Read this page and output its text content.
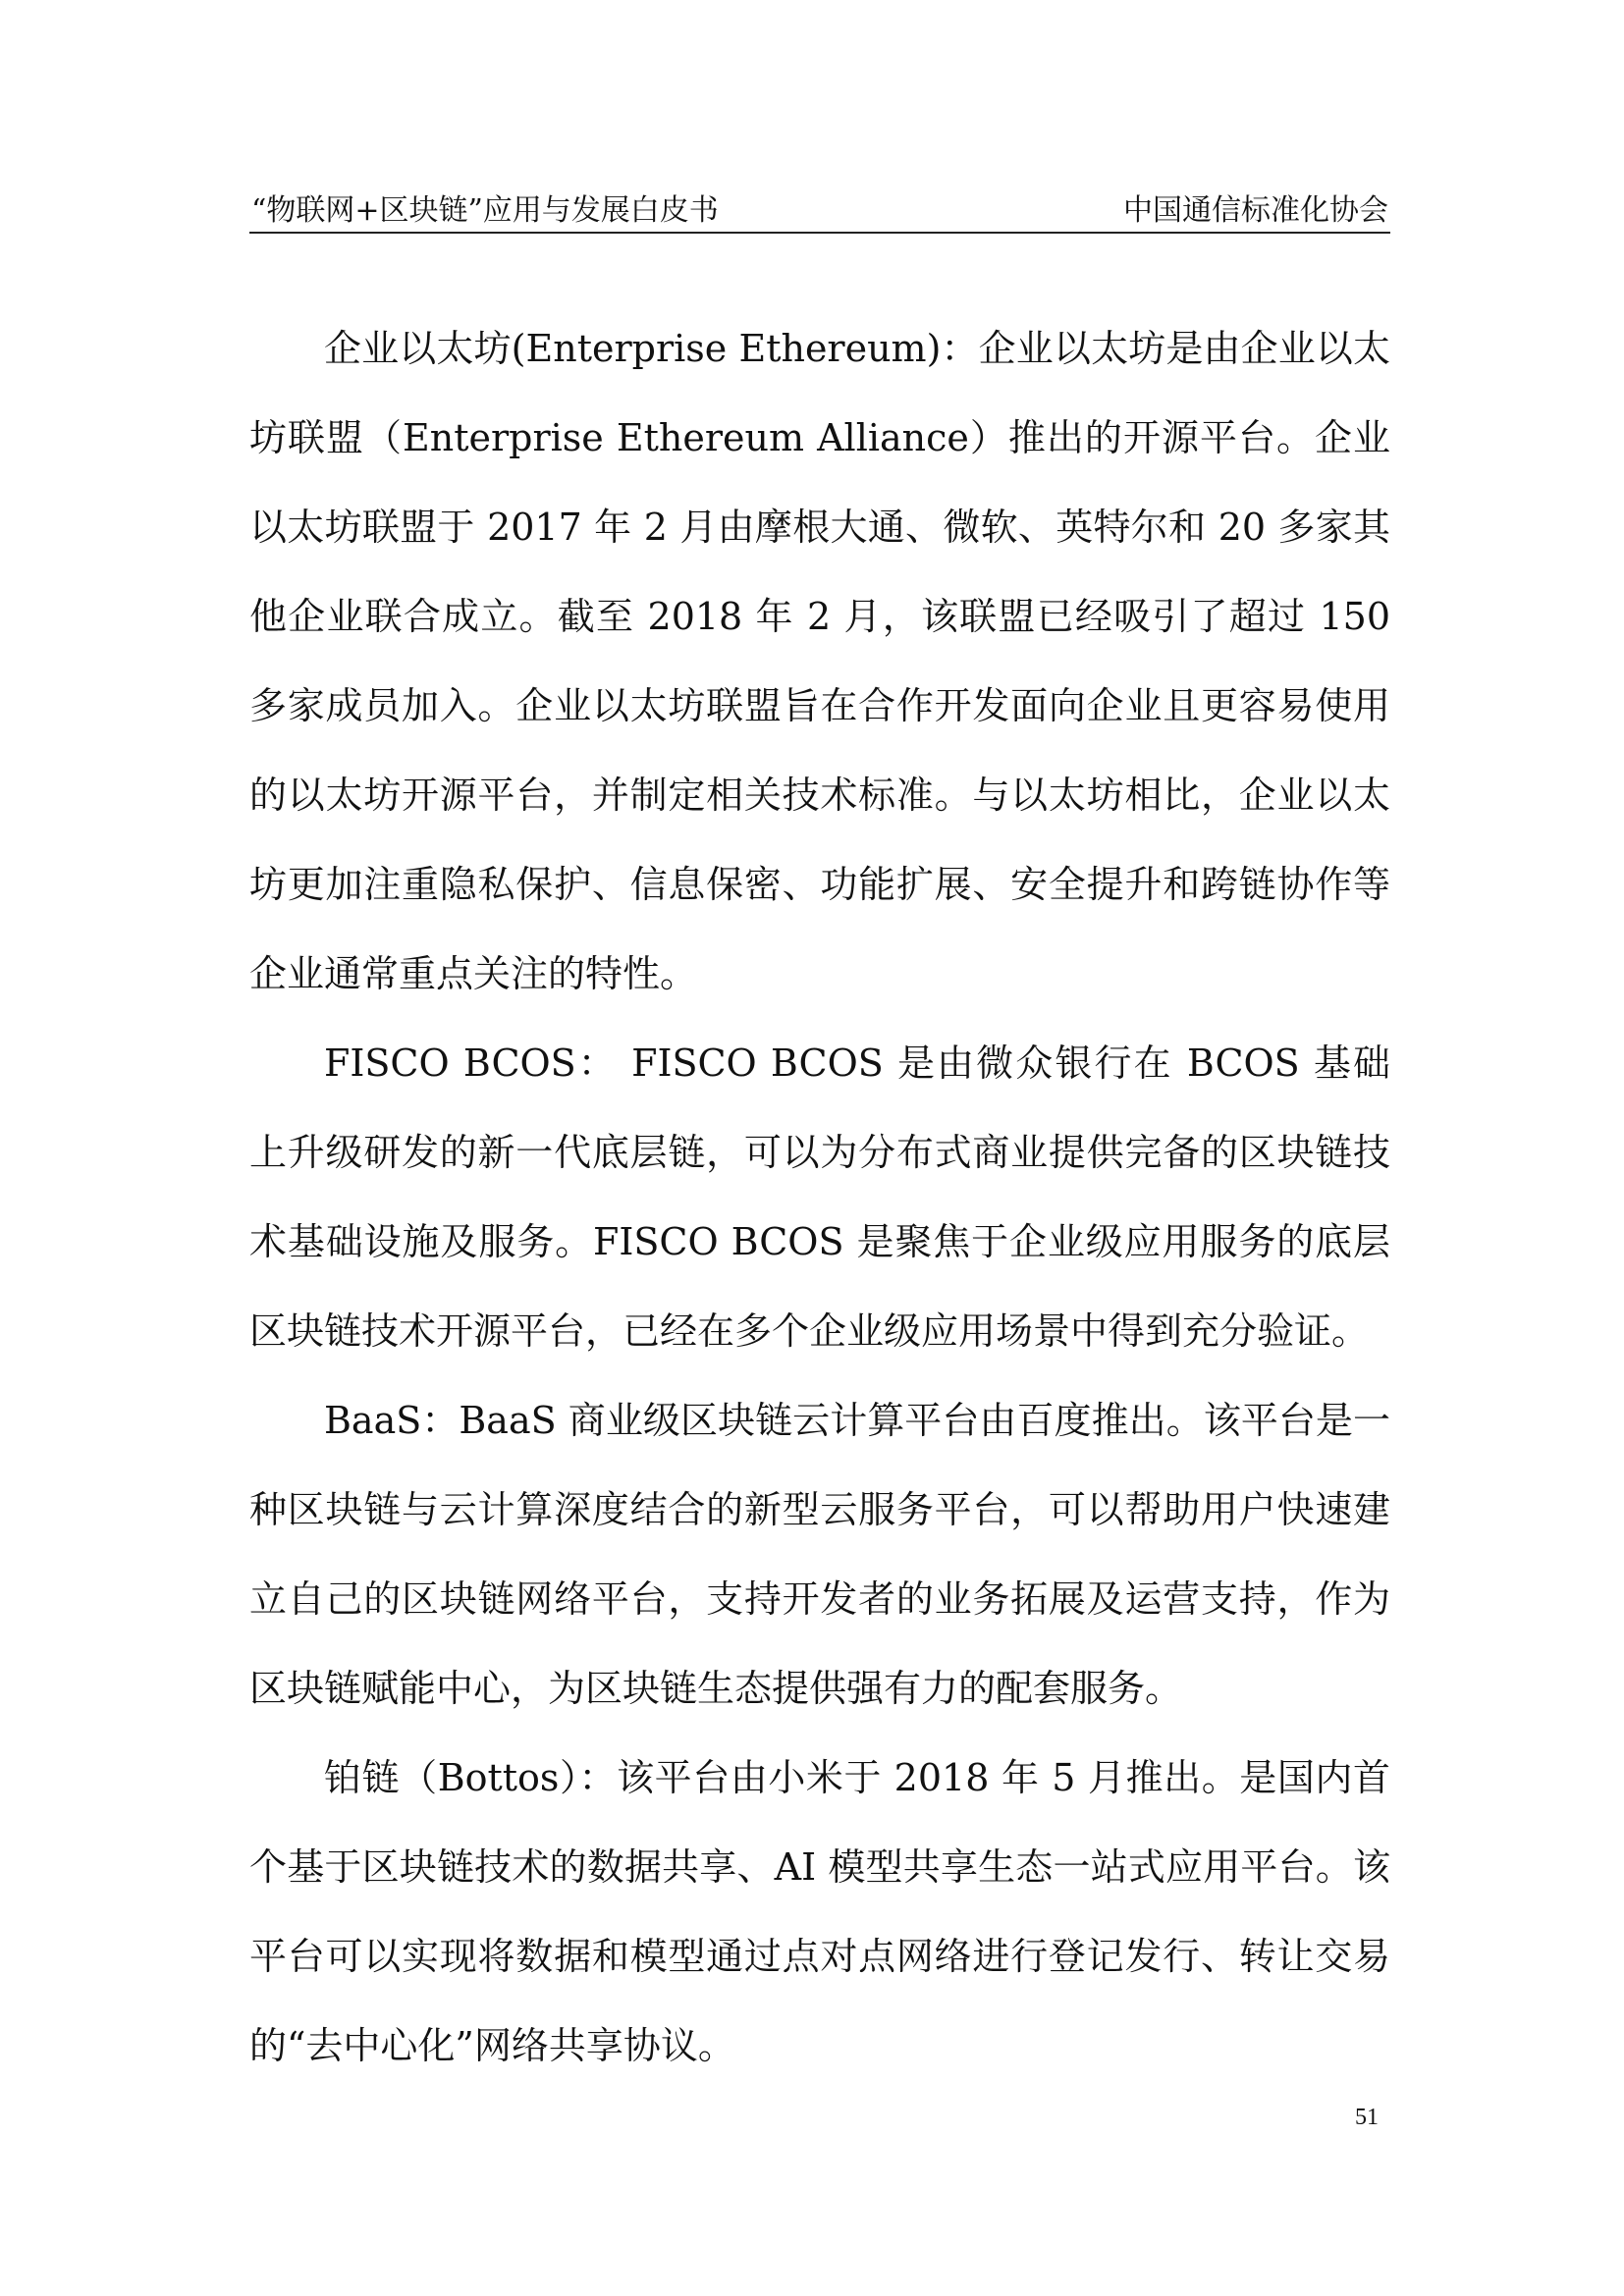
“物联网+区块链”应用与发展白皮书	中国通信标准化协会

企业以太坊(Enterprise Ethereum)：企业以太坊是由企业以太坊联盟（Enterprise Ethereum Alliance）推出的开源平台。企业以太坊联盟于 2017 年 2 月由摩根大通、微软、英特尔和 20 多家其他企业联合成立。截至 2018 年 2 月，该联盟已经吸引了超过 150 多家成员加入。企业以太坊联盟旨在合作开发面向企业且更容易使用的以太坊开源平台，并制定相关技术标准。与以太坊相比，企业以太坊更加注重隐私保护、信息保密、功能扩展、安全提升和跨链协作等企业通常重点关注的特性。

FISCO BCOS： FISCO BCOS 是由微众银行在 BCOS 基础上升级研发的新一代底层链，可以为分布式商业提供完备的区块链技术基础设施及服务。FISCO BCOS 是聚焦于企业级应用服务的底层区块链技术开源平台，已经在多个企业级应用场景中得到充分验证。

BaaS：BaaS 商业级区块链云计算平台由百度推出。该平台是一种区块链与云计算深度结合的新型云服务平台，可以帮助用户快速建立自己的区块链网络平台，支持开发者的业务拓展及运营支持，作为区块链赋能中心，为区块链生态提供强有力的配套服务。

铂链（Bottos）：该平台由小米于 2018 年 5 月推出。是国内首个基于区块链技术的数据共享、AI 模型共享生态一站式应用平台。该平台可以实现将数据和模型通过点对点网络进行登记发行、转让交易的“去中心化”网络共享协议。

51
